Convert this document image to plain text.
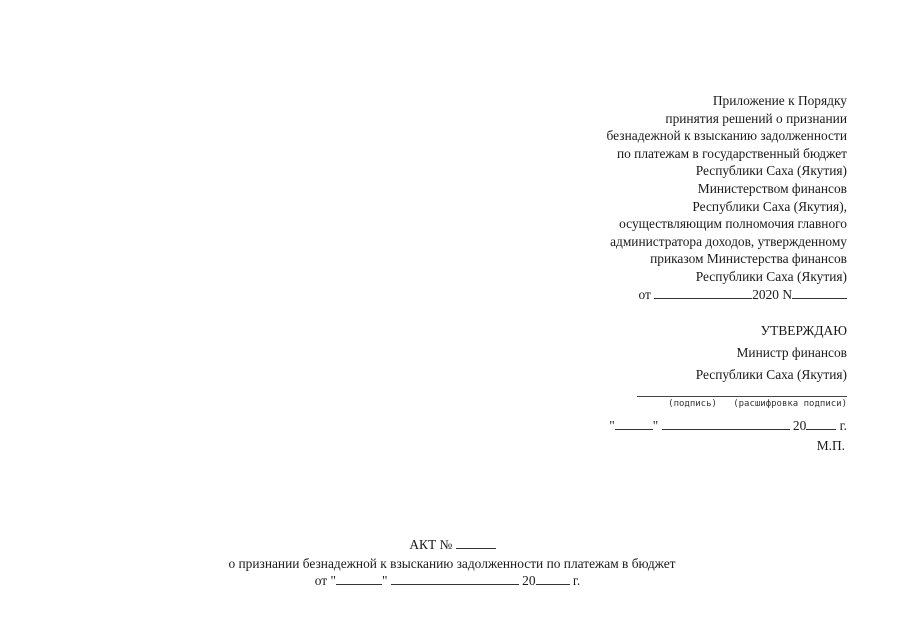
Приложение к Порядку
принятия решений о признании
безнадежной к взысканию задолженности
по платежам в государственный бюджет
Республики Саха (Якутия)
Министерством финансов
Республики Саха (Якутия),
осуществляющим полномочия главного
администратора доходов, утвержденному
приказом Министерства финансов
Республики Саха (Якутия)
от	2020 N
УТВЕРЖДАЮ
Министр финансов
Республики Саха (Якутия)
(подпись) (расшифровка подписи)
"	"	20 г.
М.П.
АКТ №
о признании безнадежной к взысканию задолженности по платежам в бюджет
от "	"	20	г.
